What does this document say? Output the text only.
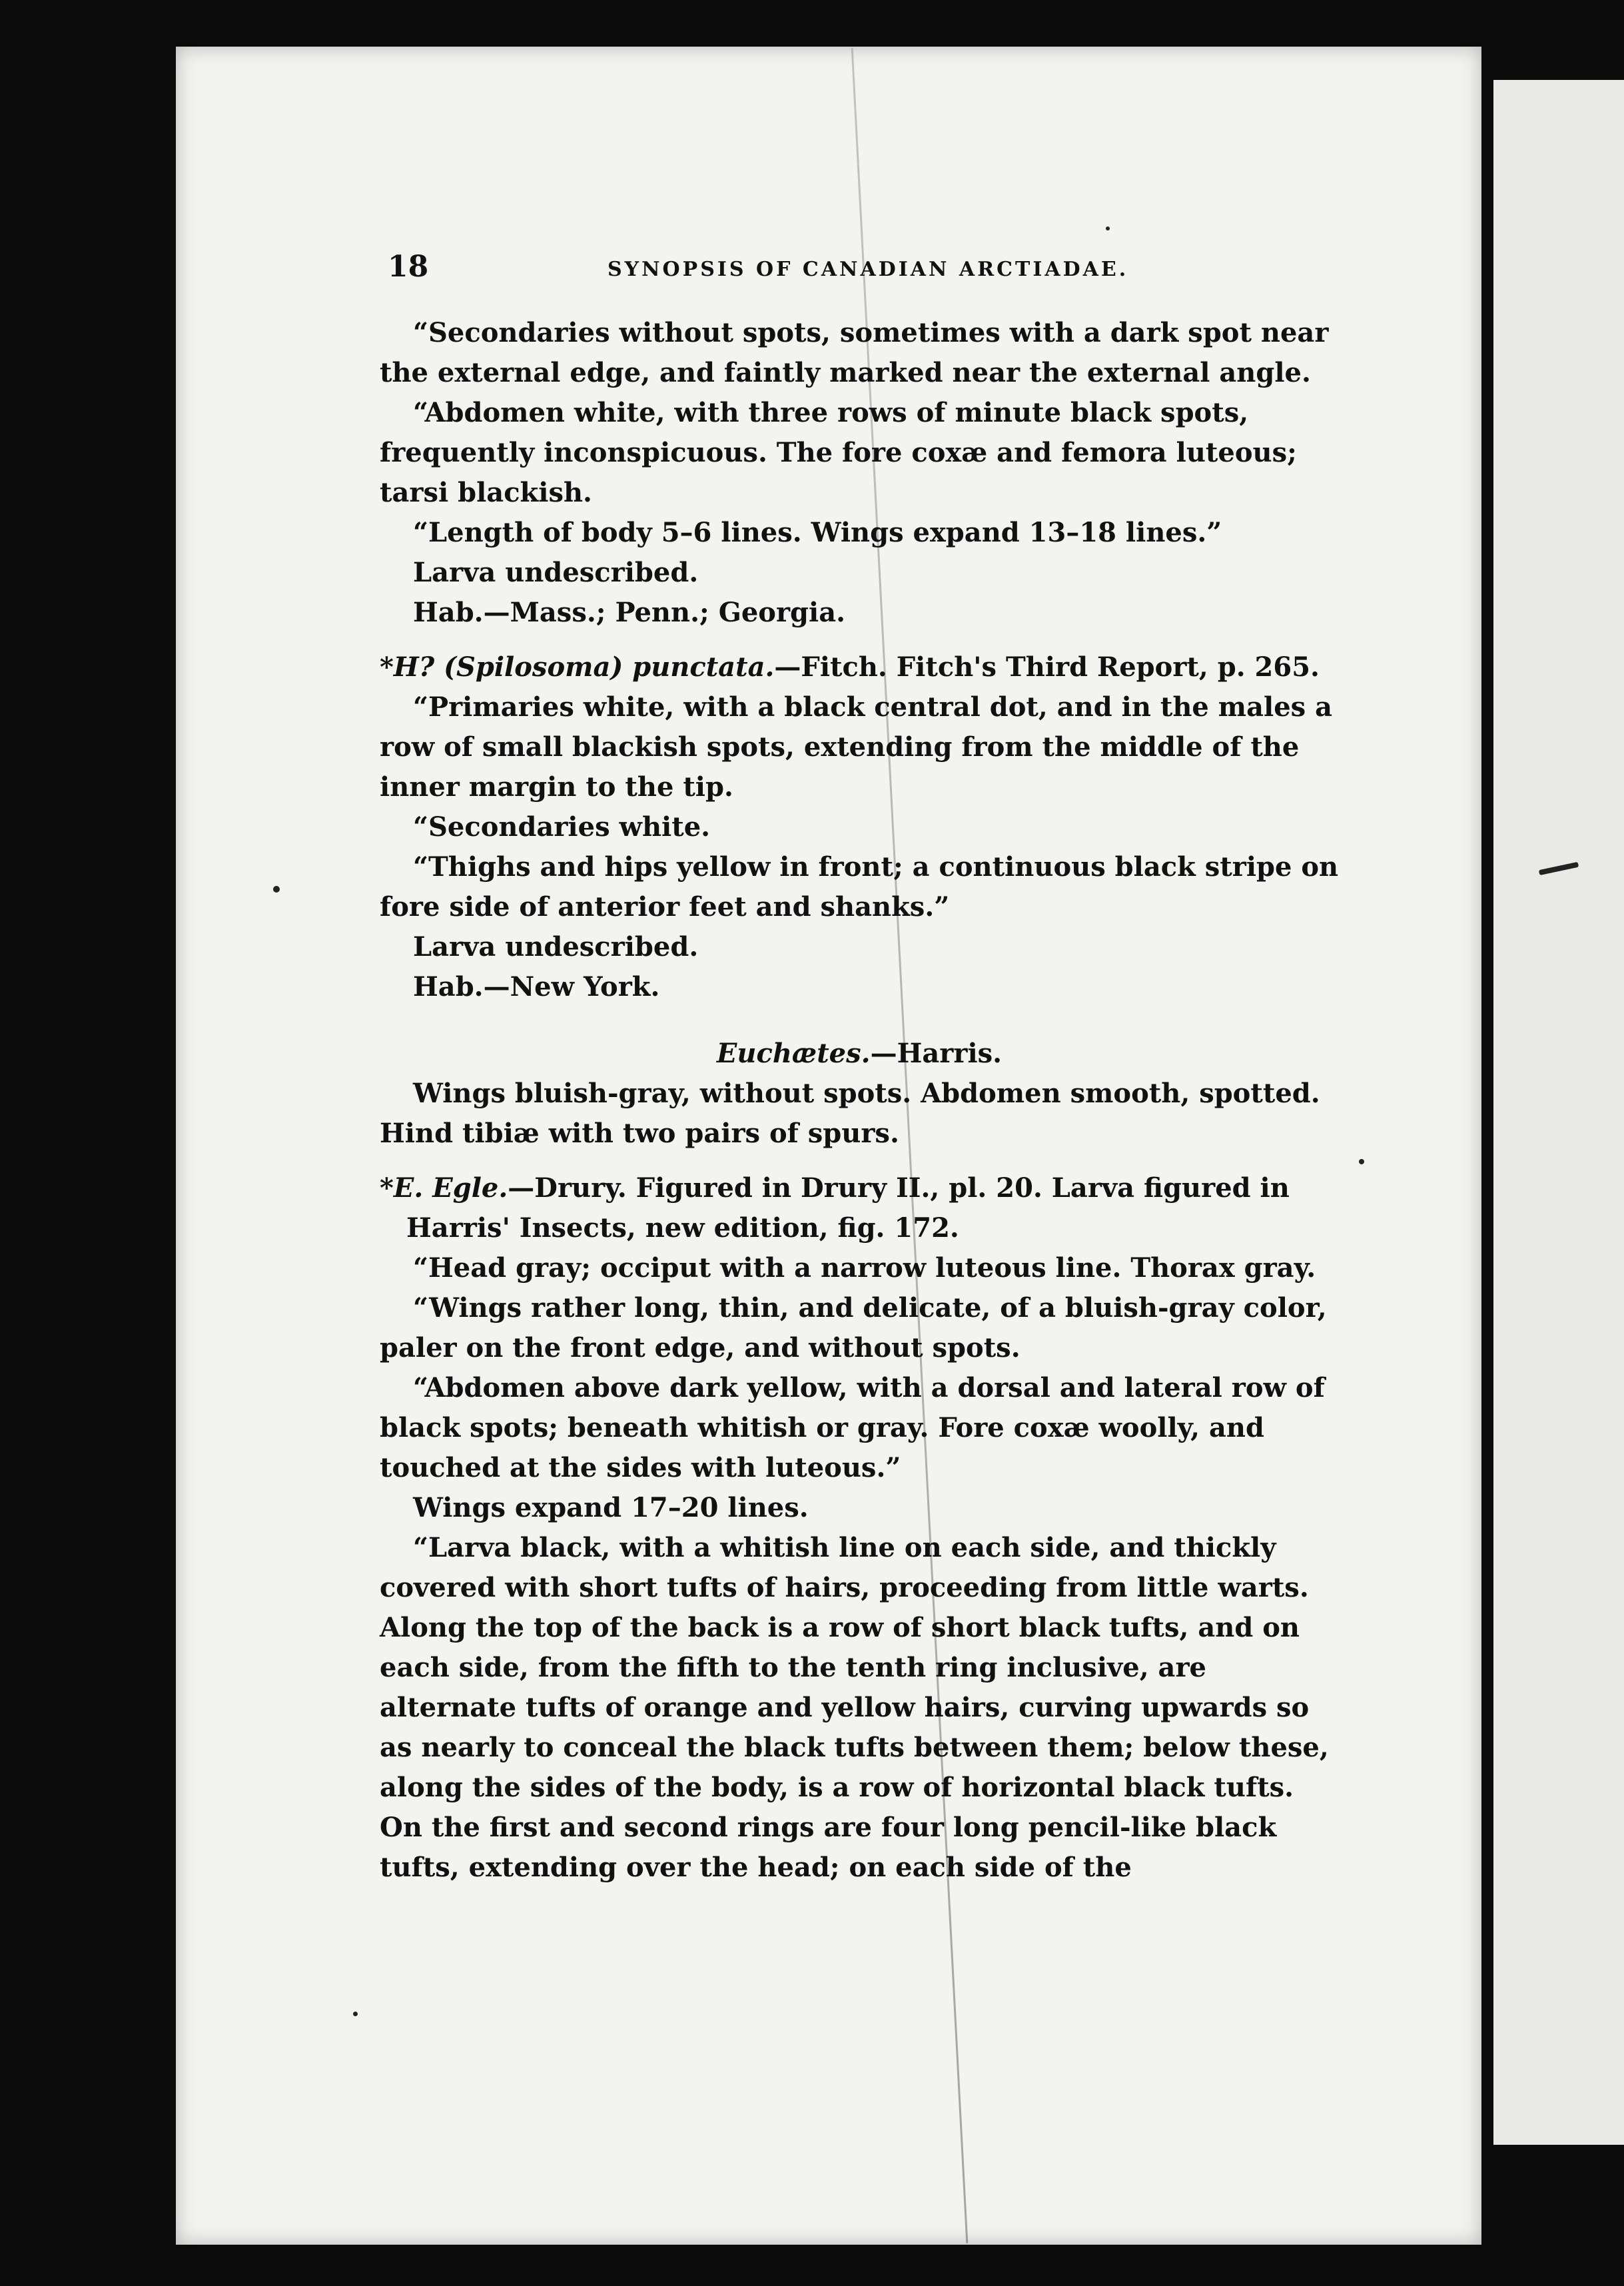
18	SYNOPSIS OF CANADIAN ARCTIADAE.

“Secondaries without spots, sometimes with a dark spot near the external edge, and faintly marked near the external angle.

“Abdomen white, with three rows of minute black spots, frequently inconspicuous. The fore coxæ and femora luteous; tarsi blackish.

“Length of body 5–6 lines. Wings expand 13–18 lines.”

Larva undescribed.

Hab.—Mass.; Penn.; Georgia.

*H? (Spilosoma) punctata.—Fitch. Fitch's Third Report, p. 265.

“Primaries white, with a black central dot, and in the males a row of small blackish spots, extending from the middle of the inner margin to the tip.

“Secondaries white.

“Thighs and hips yellow in front; a continuous black stripe on fore side of anterior feet and shanks.”

Larva undescribed.

Hab.—New York.

Euchætes.—Harris.

Wings bluish-gray, without spots. Abdomen smooth, spotted. Hind tibiæ with two pairs of spurs.

*E. Egle.—Drury. Figured in Drury II., pl. 20. Larva figured in Harris' Insects, new edition, fig. 172.

“Head gray; occiput with a narrow luteous line. Thorax gray.

“Wings rather long, thin, and delicate, of a bluish-gray color, paler on the front edge, and without spots.

“Abdomen above dark yellow, with a dorsal and lateral row of black spots; beneath whitish or gray. Fore coxæ woolly, and touched at the sides with luteous.”

Wings expand 17–20 lines.

“Larva black, with a whitish line on each side, and thickly covered with short tufts of hairs, proceeding from little warts. Along the top of the back is a row of short black tufts, and on each side, from the fifth to the tenth ring inclusive, are alternate tufts of orange and yellow hairs, curving upwards so as nearly to conceal the black tufts between them; below these, along the sides of the body, is a row of horizontal black tufts. On the first and second rings are four long pencil-like black tufts, extending over the head; on each side of the
